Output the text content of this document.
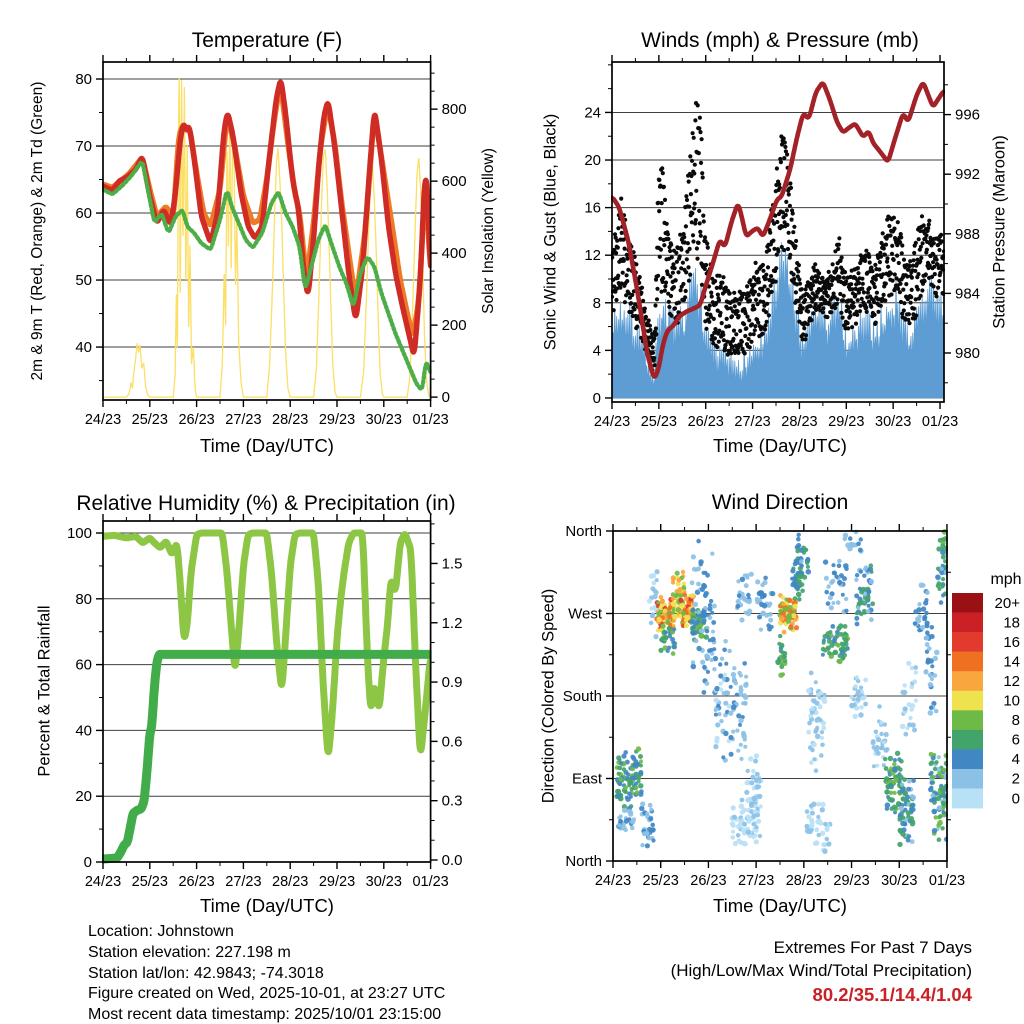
24/23 25/23 26/23 27/23 28/23 29/23 30/23 01/23
40
50
60
70
80
0
200
400
600
800
24/23 25/23 26/23 27/23 28/23 29/23 30/23 01/23
0
4
8
12
16
20
24
980
984
988
992
996
24/23 25/23 26/23 27/23 28/23 29/23 30/23 01/23
0
20
40
60
80
100
0.0
0.3
0.6
0.9
1.2
1.5
24/23 25/23 26/23 27/23 28/23 29/23 30/23 01/23
North
West
South
East
North
20+
18
16
14
12
10
8
6
4
2
0
Temperature (F)	Winds (mph) & Pressure (mb)
Relative Humidity (%) & Precipitation (in)	Wind Direction
Time (Day/UTC)	Time (Day/UTC)
Time (Day/UTC)	Time (Day/UTC)
2m & 9m T (Red, Orange) & 2m Td (Green)	Solar Insolation (Yellow)	Sonic Wind & Gust (Blue, Black)	Station Pressure (Maroon)
Percent & Total Rainfall	Direction (Colored By Speed)
mph
Location: Johnstown
Station elevation: 227.198 m
Station lat/lon: 42.9843; -74.3018
Figure created on Wed, 2025-10-01, at 23:27 UTC
Most recent data timestamp: 2025/10/01 23:15:00
Extremes For Past 7 Days
(High/Low/Max Wind/Total Precipitation)
80.2/35.1/14.4/1.04
